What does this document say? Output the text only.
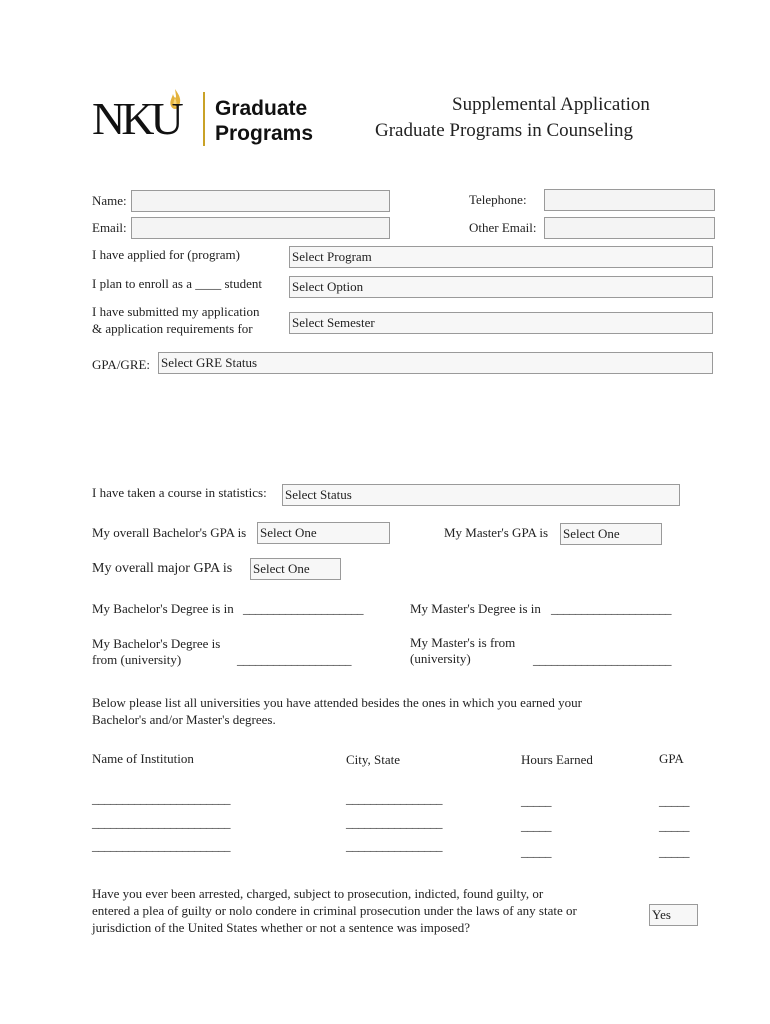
NKU Graduate
Programs
Supplemental Application
Graduate Programs in Counseling
Name:	Telephone:
Email:	Other Email:
I have applied for (program)	Select Program
I plan to enroll as a ____ student Select Option
I have submitted my application
& application requirements for	Select Semester
GPA/GRE: Select GRE Status
I have taken a course in statistics: Select Status
My overall Bachelor's GPA is Select One	My Master's GPA is Select One
My overall major GPA is Select One
My Bachelor's Degree is in ____________________	My Master's Degree is in ____________________
My Bachelor's Degree is
from (university)	___________________
My Master's is from
(university)	_______________________
Below please list all universities you have attended besides the ones in which you earned your
Bachelor's and/or Master's degrees.
Name of Institution	City, State	Hours Earned	GPA
_______________________	________________	_____	_____
_______________________	________________	_____	_____
_______________________	________________	_____	_____
Have you ever been arrested, charged, subject to prosecution, indicted, found guilty, or
entered a plea of guilty or nolo condere in criminal prosecution under the laws of any state or
jurisdiction of the United States whether or not a sentence was imposed?
Yes
